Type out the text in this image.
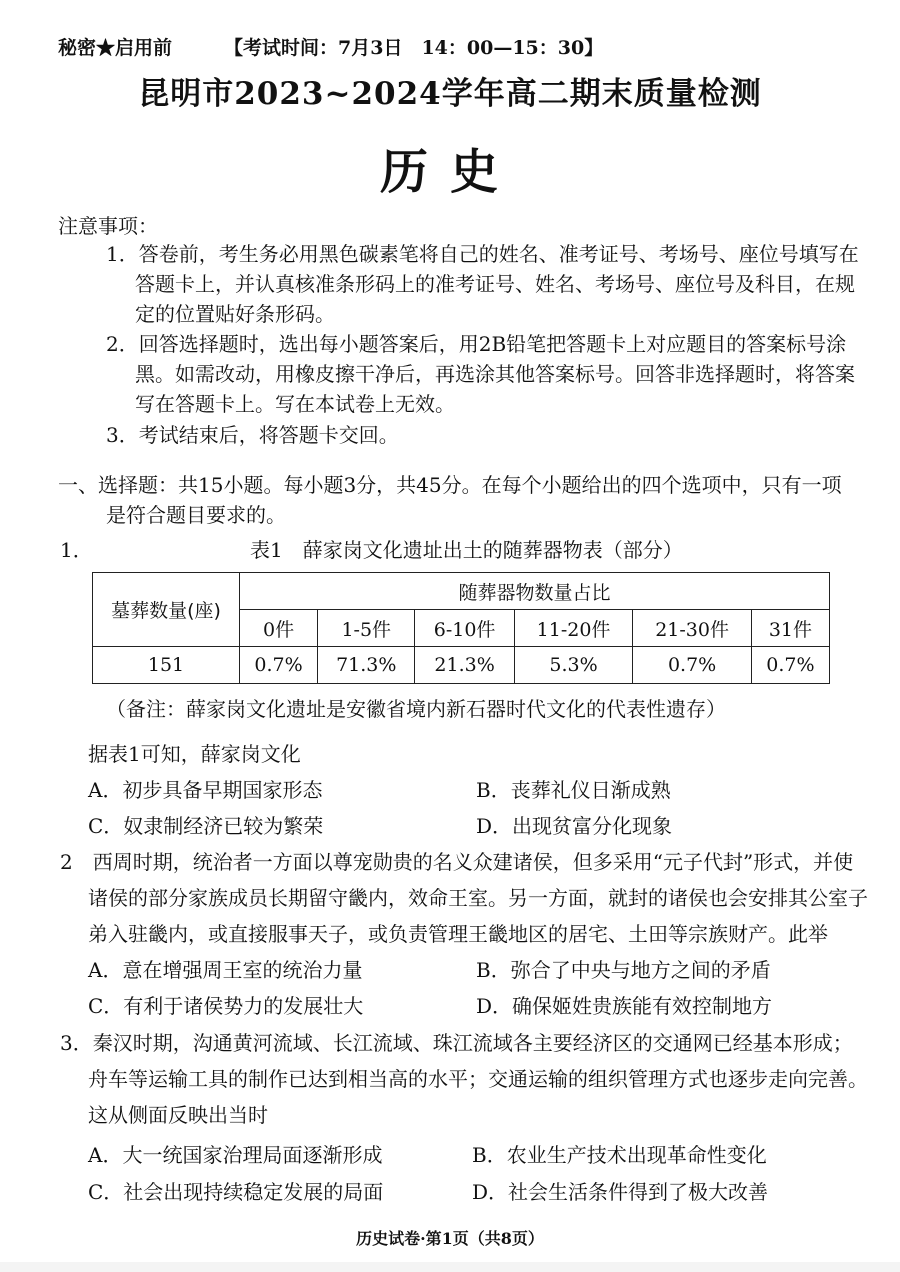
秘密★启用前	【考试时间：7月3日　14：00—15：30】
昆明市2023~2024学年高二期末质量检测
历史
注意事项：
1．答卷前，考生务必用黑色碳素笔将自己的姓名、准考证号、考场号、座位号填写在
答题卡上，并认真核准条形码上的准考证号、姓名、考场号、座位号及科目，在规
定的位置贴好条形码。
2．回答选择题时，选出每小题答案后，用2B铅笔把答题卡上对应题目的答案标号涂
黑。如需改动，用橡皮擦干净后，再选涂其他答案标号。回答非选择题时，将答案
写在答题卡上。写在本试卷上无效。
3．考试结束后，将答题卡交回。
一、选择题：共15小题。每小题3分，共45分。在每个小题给出的四个选项中，只有一项
是符合题目要求的。
1．	表1　薛家岗文化遗址出土的随葬器物表（部分）
墓葬数量(座)	随葬器物数量占比					
	0件	1-5件	6-10件	11-20件	21-30件	31件
151	0.7%	71.3%	21.3%	5.3%	0.7%	0.7%
（备注：薛家岗文化遗址是安徽省境内新石器时代文化的代表性遗存）
据表1可知，薛家岗文化
A．初步具备早期国家形态	B．丧葬礼仪日渐成熟
C．奴隶制经济已较为繁荣	D．出现贫富分化现象
2　西周时期，统治者一方面以尊宠勋贵的名义众建诸侯，但多采用“元子代封”形式，并使
诸侯的部分家族成员长期留守畿内，效命王室。另一方面，就封的诸侯也会安排其公室子
弟入驻畿内，或直接服事天子，或负责管理王畿地区的居宅、土田等宗族财产。此举
A．意在增强周王室的统治力量	B．弥合了中央与地方之间的矛盾
C．有利于诸侯势力的发展壮大	D．确保姬姓贵族能有效控制地方
3．秦汉时期，沟通黄河流域、长江流域、珠江流域各主要经济区的交通网已经基本形成；
舟车等运输工具的制作已达到相当高的水平；交通运输的组织管理方式也逐步走向完善。
这从侧面反映出当时
A．大一统国家治理局面逐渐形成	B．农业生产技术出现革命性变化
C．社会出现持续稳定发展的局面	D．社会生活条件得到了极大改善
历史试卷·第1页（共8页）
